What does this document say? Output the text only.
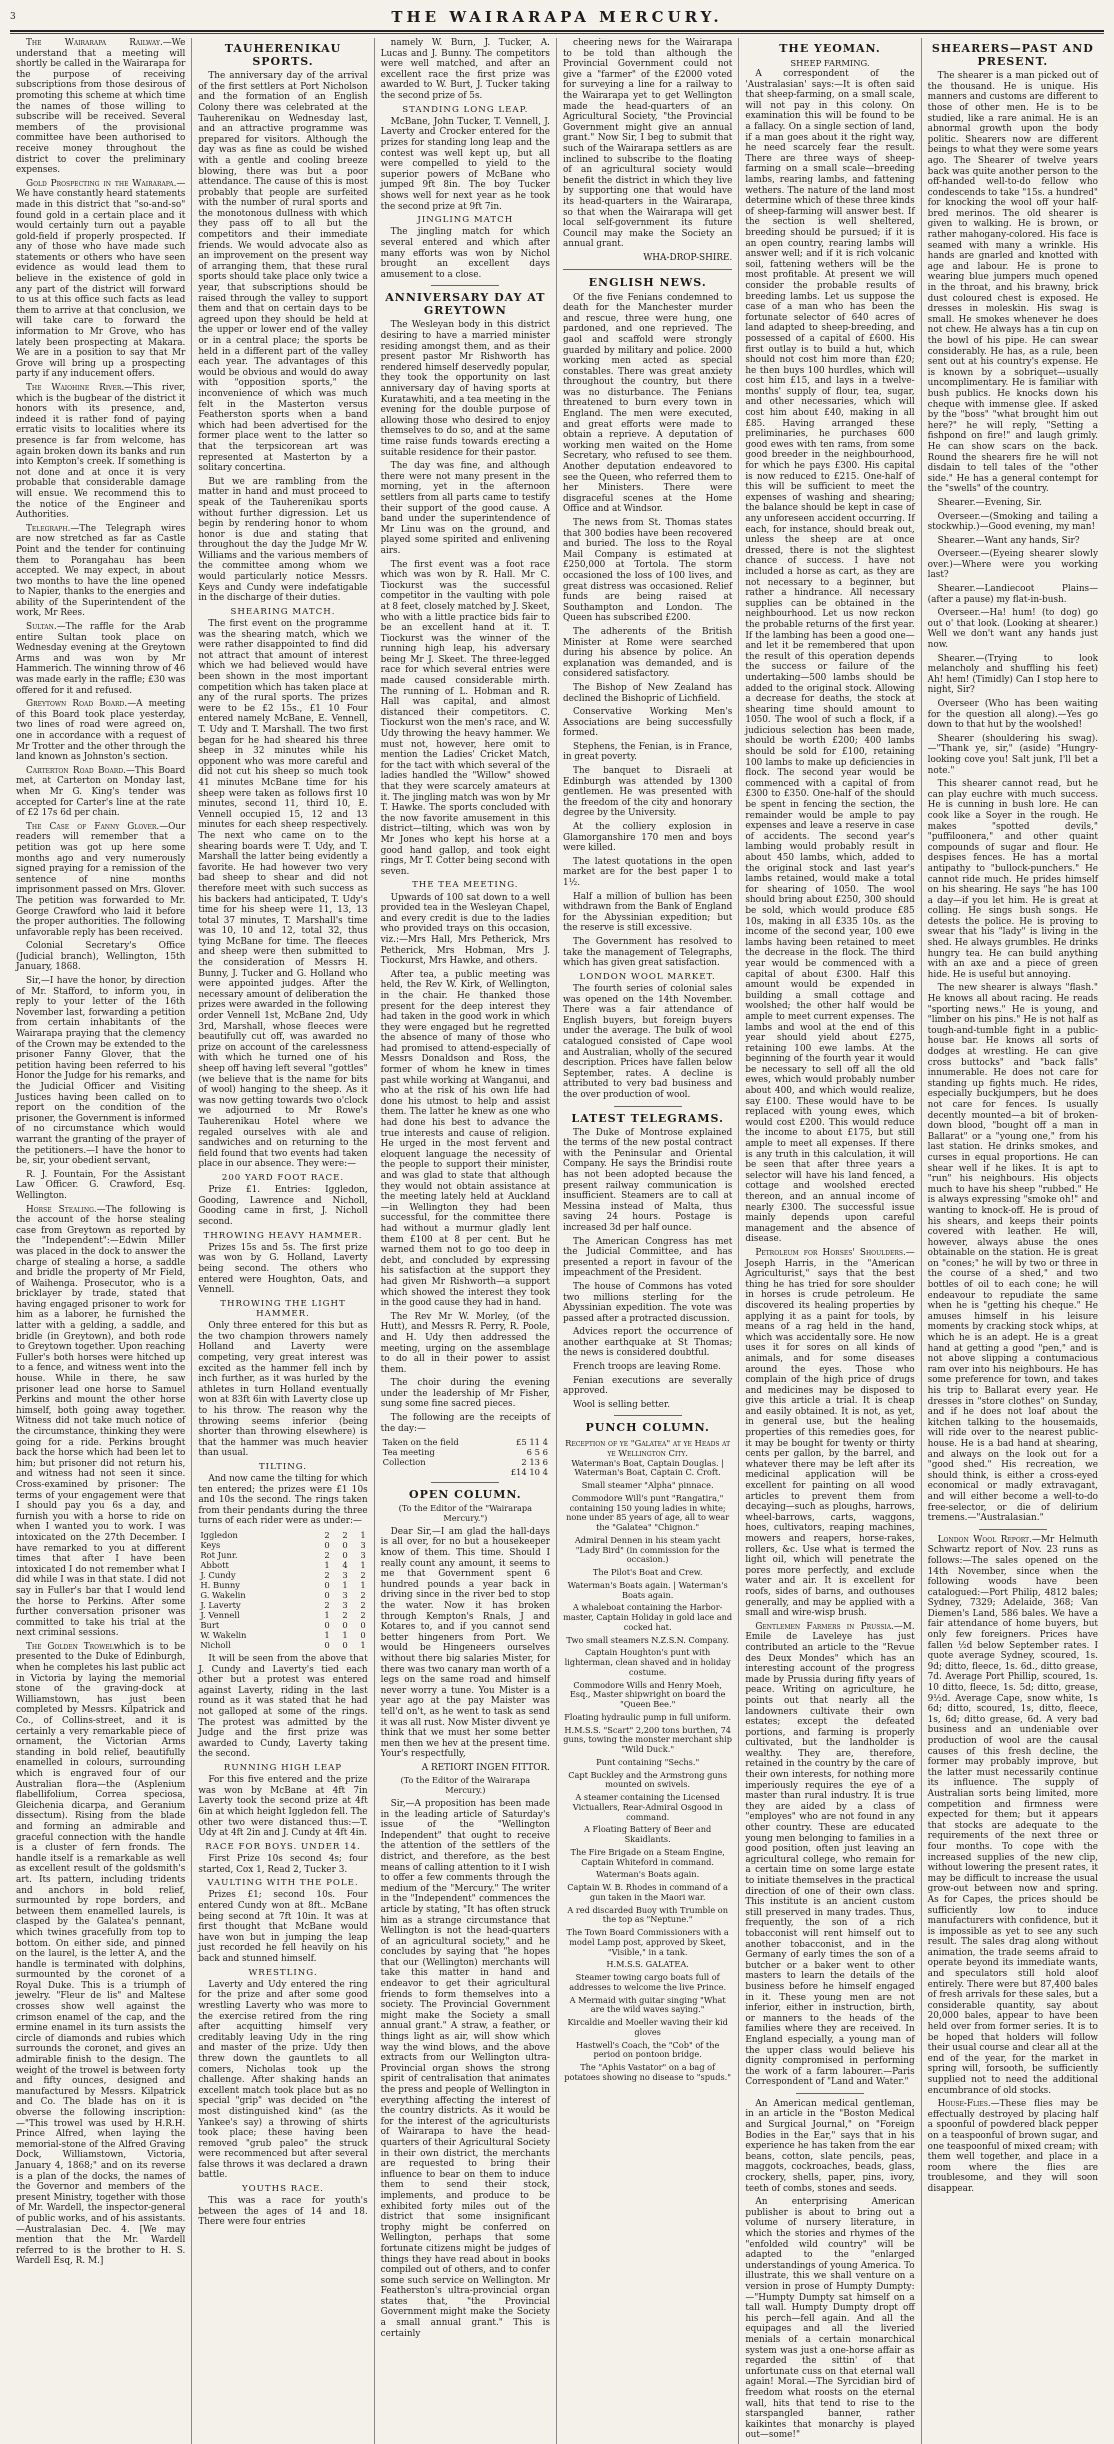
3	THE WAIRARAPA MERCURY.

The Wairarapa Railway.—We understand that a meeting will shortly be called in the Wairarapa for the purpose of receiving subscriptions from those desirous of promoting this scheme at which time the names of those willing to subscribe will be received. Several members of the provisional committee have been authorised to receive money throughout the district to cover the preliminary expenses.

Gold Prospecting in the Wairarapa.—We have constantly heard statements made in this district that "so-and-so" found gold in a certain place and it would certainly turn out a payable gold-field if properly prospected. If any of those who have made such statements or others who have seen evidence as would lead them to believe in the existence of gold in any part of the district will forward to us at this office such facts as lead them to arrive at that conclusion, we will take care to forward the information to Mr Grove, who has lately been prospecting at Makara. We are in a position to say that Mr Grove will bring up a prospecting party if any inducement offers.

The Waiohine River.—This river, which is the bugbear of the district it honors with its presence, and, indeed it is rather fond of paying erratic visits to localities where its presence is far from welcome, has again broken down its banks and run into Kempton's creek. If something is not done and at once it is very probable that considerable damage will ensue. We recommend this to the notice of the Engineer and Authorities.

Telegraph.—The Telegraph wires are now stretched as far as Castle Point and the tender for continuing them to Porangahau has been accepted. We may expect, in about two months to have the line opened to Napier, thanks to the energies and ability of the Superintendent of the work, Mr Rees.

Sultan.—The raffle for the Arab entire Sultan took place on Wednesday evening at the Greytown Arms and was won by Mr Hammerich. The winning throw of 46 was made early in the raffle; £30 was offered for it and refused.

Greytown Road Board.—A meeting of this Board took place yesterday, two lines of road were agreed on, one in accordance with a request of Mr Trotter and the other through the land known as Johnston's section.

Carterton Road Board.—This Board met, at Carterton on Monday last, when Mr G. King's tender was accepted for Carter's line at the rate of £2 17s 6d per chain.

The Case of Fanny Glover.—Our readers will remember that a petition was got up here some months ago and very numerously signed praying for a remission of the sentence of nine months imprisonment passed on Mrs. Glover. The petition was forwarded to Mr. George Crawford who laid it before the proper authorities. The following unfavorable reply has been received.

Colonial Secretary's Office (Judicial branch), Wellington, 15th January, 1868.

Sir,—I have the honor, by direction of Mr. Stafford, to inform you, in reply to your letter of the 16th November last, forwarding a petition from certain inhabitants of the Wairarapa praying that the clemency of the Crown may be extended to the prisoner Fanny Glover, that the petition having been referred to his Honor the Judge for his remarks, and the Judicial Officer and Visiting Justices having been called on to report on the condition of the prisoner, the Government is informed of no circumstance which would warrant the granting of the prayer of the petitioners.—I have the honor to be, sir, your obedient servant,

R. J. Fountain, For the Assistant Law Officer. G. Crawford, Esq. Wellington.

Horse Stealing.—The following is the account of the horse stealing case from Greytown as reported by the "Independent":—Edwin Miller was placed in the dock to answer the charge of stealing a horse, a saddle and bridle the property of Mr Field, of Waihenga. Prosecutor, who is a bricklayer by trade, stated that having engaged prisoner to work for him as a laborer, he furnished the latter with a gelding, a saddle, and bridle (in Greytown), and both rode to Greytown together. Upon reaching Fuller's both horses were hitched up to a fence, and witness went into the house. While in there, he saw prisoner lead one horse to Samuel Perkins and mount the other horse himself, both going away together. Witness did not take much notice of the circumstance, thinking they were going for a ride. Perkins brought back the horse which had been let to him; but prisoner did not return his, and witness had not seen it since. Cross-examined by prisoner: The terms of your engagement were that I should pay you 6s a day, and furnish you with a horse to ride on when I wanted you to work. I was intoxicated on the 27th December. I have remarked to you at different times that after I have been intoxicated I do not remember what I did while I was in that state. I did not say in Fuller's bar that I would lend the horse to Perkins. After some further conversation prisoner was committed to take his trial at the next criminal sessions.

The Golden Trowelwhich is to be presented to the Duke of Edinburgh, when he completes his last public act in Victoria by laying the memorial stone of the graving-dock at Williamstown, has just been completed by Messrs. Kilpatrick and Co., of Collins-street, and it is certainly a very remarkable piece of ornament, the Victorian Arms standing in bold relief, beautifully enamelled in colours, surrounding which is engraved four of our Australian flora—the (Asplenium flabellifolium, Correa speciosa, Gleichenia dicarpa, and Geranium dissectum). Rising from the blade and forming an admirable and graceful connection with the handle is a cluster of fern fronds. The handle itself is a remarkable as well as excellent result of the goldsmith's art. Its pattern, including tridents and anchors in bold relief, surmounted by rope borders, and between them enamelled laurels, is clasped by the Galatea's pennant, which twines gracefully from top to bottom. On either side, and pinned on the laurel, is the letter A, and the handle is terminated with dolphins, surmounted by the coronet of a Royal Duke. This is a triumph of jewelry. "Fleur de lis" and Maltese crosses show well against the crimson enamel of the cap, and the ermine enamel in its turn assists the circle of diamonds and rubies which surrounds the coronet, and gives an admirable finish to the design. The weight of the trowel is between forty and fifty ounces, designed and manufactured by Messrs. Kilpatrick and Co. The blade has on it is obverse the following inscription:—"This trowel was used by H.R.H. Prince Alfred, when laying the memorial-stone of the Alfred Graving Dock, Williamstown, Victoria, January 4, 1868;" and on its reverse is a plan of the docks, the names of the Governor and members of the present Ministry, together with those of Mr. Wardell, the inspector-general of public works, and of his assistants.—Australasian Dec. 4. [We may mention that the Mr. Wardell referred to is the brother to H. S. Wardell Esq, R. M.]

TAUHERENIKAU SPORTS.

The anniversary day of the arrival of the first settlers at Port Nicholson and the formation of an English Colony there was celebrated at the Tauherenikau on Wednesday last, and an attractive programme was prepared for visitors. Although the day was as fine as could be wished with a gentle and cooling breeze blowing, there was but a poor attendance. The cause of this is most probably that people are surfeited with the number of rural sports and the monotonous dullness with which they pass off to all but the competitors and their immediate friends. We would advocate also as an improvement on the present way of arranging them, that these rural sports should take place only twice a year, that subscriptions should be raised through the valley to support them and that on certain days to be agreed upon they should be held at the upper or lower end of the valley or in a central place; the sports be held in a different part of the valley each year. The advantages of this would be obvious and would do away with "opposition sports," the inconvenience of which was much felt in the Masterton versus Featherston sports when a band which had been advertised for the former place went to the latter so that the terpsicorean art was represented at Masterton by a solitary concertina.

But we are rambling from the matter in hand and must proceed to speak of the Tauherenikau sports without further digression. Let us begin by rendering honor to whom honor is due and stating that throughout the day the Judge Mr W. Williams and the various members of the committee among whom we would particularly notice Messrs. Keys and Cundy were indefatigable in the discharge of their duties.

SHEARING MATCH.

The first event on the programme was the shearing match, which we were rather disappointed to find did not attract that amount of interest which we had believed would have been shown in the most important competition which has taken place at any of the rural sports. The prizes were to be £2 15s., £1 10 Four entered namely McBane, E. Vennell, T. Udy and T. Marshall. The two first began for he had sheared his three sheep in 32 minutes while his opponent who was more careful and did not cut his sheep so much took 41 minutes McBane time for his sheep were taken as follows first 10 minutes, second 11, third 10, E. Vennell occupied 15, 12 and 13 minutes for each sheep respectively. The next who came on to the shearing boards were T. Udy, and T. Marshall the latter being evidently a favorite. He had however two very bad sheep to shear and did not therefore meet with such success as his backers had anticipated, T. Udy's time for his sheep were 11, 13, 13 total 37 minutes, T. Marshall's time was 10, 10 and 12, total 32, thus tying McBane for time. The fleeces and sheep were then submitted to the consideration of Messrs H. Bunny, J. Tucker and G. Holland who were appointed judges. After the necessary amount of deliberation the prizes were awarded in the following order Vennell 1st, McBane 2nd, Udy 3rd, Marshall, whose fleeces were beautifully cut off, was awarded no prize on account of the carelessness with which he turned one of his sheep off having left several "gottles" (we believe that is the name for bits of wool) hanging to the sheep. As it was now getting towards two o'clock we adjourned to Mr Rowe's Tauherenikau Hotel where we regaled ourselves with ale and sandwiches and on returning to the field found that two events had taken place in our absence. They were:—

200 YARD FOOT RACE.

Prize £1. Entries: Iggledon, Gooding, Lawrence and Nicholl, Gooding came in first, J. Nicholl second.

THROWING HEAVY HAMMER.

Prizes 15s and 5s. The first prize was won by G. Holland, Laverty being second. The others who entered were Houghton, Oats, and Vennell.

THROWING THE LIGHT HAMMER.

Only three entered for this but as the two champion throwers namely Holland and Laverty were competing, very great interest was excited as the hammer fell inch by inch further, as it was hurled by the athletes in turn Holland eventually won at 83ft 6in with Laverty close up to his throw. The reason why the throwing seems inferior (being shorter than throwing elsewhere) is that the hammer was much heavier than usual.

TILTING.

And now came the tilting for which ten entered; the prizes were £1 10s and 10s the second. The rings taken from their pendants during the three turns of each rider were as under:—

Iggledon	2	2	1
Keys	0	0	3
Rot Junr.	2	0	3
Abbott	1	4	1
J. Cundy	2	3	2
H. Bunny	0	1	1
G. Wakelin	0	3	2
J. Laverty	2	3	2
J. Vennell	1	2	2
Burt	0	0	0
W. Wakelin	1	1	0
Nicholl	0	0	1

It will be seen from the above that J. Cundy and Laverty's tied each other but a protest was entered against Laverty, riding in the last round as it was stated that he had not galloped at some of the rings. The protest was admitted by the Judge and the first prize was awarded to Cundy, Laverty taking the second.

RUNNING HIGH LEAP

For this five entered and the prize was won by McBane at 4ft 7in Laverty took the second prize at 4ft 6in at which height Iggledon fell. The other two were distanced thus:—T. Udy at 4ft 2in and J. Cundy at 4ft 4in.

RACE FOR BOYS. UNDER 14.

First Prize 10s second 4s; four started, Cox 1, Read 2, Tucker 3.

VAULTING WITH THE POLE.

Prizes £1; second 10s. Four entered Cundy won at 8ft.. McBane being second at 7ft 10in. It was at first thought that McBane would have won but in jumping the leap just recorded he fell heavily on his back and stunned himself.

WRESTLING.

Laverty and Udy entered the ring for the prize and after some good wrestling Laverty who was more to the exercise retired from the ring after acquitting himself very creditably leaving Udy in the ring and master of the prize. Udy then threw down the gauntlets to all comers, Nicholas took up the challenge. After shaking hands an excellent match took place but as no special "grip" was decided on "the most distinguished kind" (as the Yankee's say) a throwing of shirts took place; these having been removed "grub paleo" the struck were recommenced but after several false throws it was declared a drawn battle.

YOUTHS RACE.

This was a race for youth's between the ages of 14 and 18. There were four entries

namely W. Burn, J. Tucker, A. Lucas and J. Bunny. The competitors were well matched, and after an excellent race the first prize was awarded to W. Burt, J. Tucker taking the second prize of 5s.

STANDING LONG LEAP.

McBane, John Tucker, T. Vennell, J. Laverty and Crocker entered for the prizes for standing long leap and the contest was well kept up, but all were compelled to yield to the superior powers of McBane who jumped 9ft 8in. The boy Tucker shows well for next year as he took the second prize at 9ft 7in.

JINGLING MATCH

The jingling match for which several entered and which after many efforts was won by Nichol brought an excellent days amusement to a close.

ANNIVERSARY DAY AT GREYTOWN

The Wesleyan body in this district desiring to have a married minister residing amongst them, and as their present pastor Mr Rishworth has rendered himself deservedly popular, they took the opportunity on last anniversary day of having sports at Kuratawhiti, and a tea meeting in the evening for the double purpose of allowing those who desired to enjoy themselves to do so, and at the same time raise funds towards erecting a suitable residence for their pastor.

The day was fine, and although there were not many present in the morning, yet in the afternoon settlers from all parts came to testify their support of the good cause. A band under the superintendence of Mr Linu was on the ground, and played some spirited and enlivening airs.

The first event was a foot race which was won by R. Hall. Mr C. Tiockurst was the successful competitor in the vaulting with pole at 8 feet, closely matched by J. Skeet, who with a little practice bids fair to be an excellent hand at it. T. Tiockurst was the winner of the running high leap, his adversary being Mr J. Skeet. The three-legged race for which several entries were made caused considerable mirth. The running of L. Hobman and R. Hall was capital, and almost distanced their competitors. C. Tiockurst won the men's race, and W. Udy throwing the heavy hammer. We must not, however, here omit to mention the Ladies' Cricket Match, for the tact with which several of the ladies handled the "Willow" showed that they were scarcely amateurs at it. The jingling match was won by Mr T. Hawke. The sports concluded with the now favorite amusement in this district—tilting, which was won by Mr Jones who kept his horse at a good hand gallop, and took eight rings, Mr T. Cotter being second with seven.

THE TEA MEETING.

Upwards of 100 sat down to a well provided tea in the Wesleyan Chapel, and every credit is due to the ladies who provided trays on this occasion, viz.:—Mrs Hall, Mrs Petherick, Mrs Petherick, Mrs Hobman, Mrs J. Tiockurst, Mrs Hawke, and others.

After tea, a public meeting was held, the Rev W. Kirk, of Wellington, in the chair. He thanked those present for the deep interest they had taken in the good work in which they were engaged but he regretted the absence of many of those who had promised to attend-especially of Messrs Donaldson and Ross, the former of whom he knew in times past while working at Wanganui, and who at the risk of his own life had done his utmost to help and assist them. The latter he knew as one who had done his best to advance the true interests and cause of religion. He urged in the most fervent and eloquent language the necessity of the people to support their minister, and was glad to state that although they would not obtain assistance at the meeting lately held at Auckland—in Wellington they had been successful, for the committee there had without a murmur gladly lent them £100 at 8 per cent. But he warned them not to go too deep in debt, and concluded by expressing his satisfaction at the support they had given Mr Rishworth—a support which showed the interest they took in the good cause they had in hand.

The Rev Mr W. Morley, (of the Hutt), and Messrs R. Perry, R. Poole, and H. Udy then addressed the meeting, urging on the assemblage to do all in their power to assist them.

The choir during the evening under the leadership of Mr Fisher, sung some fine sacred pieces.

The following are the receipts of the day:—

Taken on the field	£5 11 4
Tea meeting	6 5 6
Collection	2 13 6
	£14 10 4
OPEN COLUMN.

(To the Editor of the "Wairarapa Mercury.")

Dear Sir,—I am glad the hall-days is all over, for no but a housekeeper know of them. This time. Should I really count any amount, it seems to me that Government spent 6 hundred pounds a year back in driving since in the river bed to stop the water. Now it has broken through Kempton's Rnals, J and Kotares to, and if you cannot send better hingeners from Port. We would be Hingeneers ourselves without there big salaries Mister, for there was two canary man worth of a legs on the same road and himself never worry a tune. You Mister is a year ago at the pay Maister was tell'd on't, as he went to task as send it was all rust. Now Mister divvent ye think that we must her some better men then we hev at the present time. Your's respectfully,

A RETIORT INGEN FITTOR.

(To the Editor of the Wairarapa Mercury.)

Sir,—A proposition has been made in the leading article of Saturday's issue of the "Wellington Independent" that ought to receive the attention of the settlers of the district, and therefore, as the best means of calling attention to it I wish to offer a few comments through the medium of the "Mercury." The writer in the "Independent" commences the article by stating, "It has often struck him as a strange circumstance that Wellington is not the head-quarters of an agricultural society," and he concludes by saying that "he hopes that our (Wellington) merchants will take this matter in hand and endeavor to get their agricultural friends to form themselves into a society. The Provincial Government might make the Society a small annual grant." A straw, a feather, or things light as air, will show which way the wind blows, and the above extracts from our Wellington ultra-Provincial organ shows the strong spirit of centralisation that animates the press and people of Wellington in everything affecting the interest of the country districts. As it would be for the interest of the agriculturists of Wairarapa to have the head-quarters of their Agricultural Society in their own district, the merchants are requested to bring their influence to bear on them to induce them to send their stock, implements, and produce to be exhibited forty miles out of the district that some insignificant trophy might be conferred on Wellington, perhaps that some fortunate citizens might be judges of things they have read about in books compiled out of others, and to confer some such service on Wellington. Mr Featherston's ultra-provincial organ states that, "the Provincial Government might make the Society a small annual grant." This is certainly

cheering news for the Wairarapa to be told than although the Provincial Government could not give a "farmer" of the £2000 voted for surveying a line for a railway to the Wairarapa yet to get Wellington made the head-quarters of an Agricultural Society, "the Provincial Government might give an annual grant." Now Sir, I beg to submit that such of the Wairarapa settlers as are inclined to subscribe to the floating of an agricultural society would benefit the district in which they live by supporting one that would have its head-quarters in the Wairarapa, so that when the Wairarapa will get local self-government its future Council may make the Society an annual grant.

WHA-DROP-SHIRE.
ENGLISH NEWS.

Of the five Fenians condemned to death for the Manchester murder and rescue, three were hung, one pardoned, and one reprieved. The gaol and scaffold were strongly guarded by military and police. 2000 working men acted as special constables. There was great anxiety throughout the country, but there was no disturbance. The Fenians threatened to burn every town in England. The men were executed, and great efforts were made to obtain a reprieve. A deputation of working men waited on the Home Secretary, who refused to see them. Another deputation endeavored to see the Queen, who referred them to her Ministers. There were disgraceful scenes at the Home Office and at Windsor.

The news from St. Thomas states that 300 bodies have been recovered and buried. The loss to the Royal Mail Company is estimated at £250,000 at Tortola. The storm occasioned the loss of 100 lives, and great distress was occasioned. Relief funds are being raised at Southampton and London. The Queen has subscribed £200.

The adherents of the British Minister at Rome were searched during his absence by police. An explanation was demanded, and is considered satisfactory.

The Bishop of New Zealand has declined the Bishopric of Lichfield.

Conservative Working Men's Associations are being successfully formed.

Stephens, the Fenian, is in France, in great poverty.

The banquet to Disraeli at Edinburgh was attended by 1300 gentlemen. He was presented with the freedom of the city and honorary degree by the University.

At the colliery explosion in Glamorganshire 170 men and boys were killed.

The latest quotations in the open market are for the best paper 1 to 1½.

Half a million of bullion has been withdrawn from the Bank of England for the Abyssinian expedition; but the reserve is still excessive.

The Government has resolved to take the management of Telegraphs, which has given great satisfaction.

LONDON WOOL MARKET.

The fourth series of colonial sales was opened on the 14th November. There was a fair attendance of English buyers, but foreign buyers under the average. The bulk of wool catalogued consisted of Cape wool and Australian, wholly of the secured description. Prices have fallen below September, rates. A decline is attributed to very bad business and the over production of wool.

LATEST TELEGRAMS.

The Duke of Montrose explained the terms of the new postal contract with the Peninsular and Oriental Company. He says the Brindisi route has not been adopted because the present railway communication is insufficient. Steamers are to call at Messina instead of Malta, thus saving 24 hours. Postage is increased 3d per half ounce.

The American Congress has met the Judicial Committee, and has presented a report in favour of the impeachment of the President.

The house of Commons has voted two millions sterling for the Abyssinian expedition. The vote was passed after a protracted discussion.

Advices report the occurrence of another earthquake at St Thomas; the news is considered doubtful.

French troops are leaving Rome.

Fenian executions are severally approved.

Wool is selling better.

PUNCH COLUMN.
Reception of ye "Galatea" at ye Heads at ye Wellington City.

Waterman's Boat, Captain Douglas. | Waterman's Boat, Captain C. Croft.

Small steamer "Alpha" pinnace.

Commodore Will's punt "Rangatira," containing 150 young ladies in white; none under 85 years of age, all to wear the "Galatea" "Chignon."

Admiral Dennen in his steam yacht "Lady Bird" (in commission for the occasion.)

The Pilot's Boat and Crew.

Waterman's Boats again. | Waterman's Boats again.

A whaleboat containing the Harbor-master, Captain Holiday in gold lace and cocked hat.

Two small steamers N.Z.S.N. Company.

Captain Houghton's punt with lighterman, clean shaved and in holiday costume.

Commodore Wills and Henry Moeh, Esq., Master shipwright on board the "Queen Bee."

Floating hydraulic pump in full uniform.

H.M.S.S. "Scart" 2,200 tons burthen, 74 guns, towing the monster merchant ship "Wild Duck."

Punt containing "Sechs."

Capt Buckley and the Armstrong guns mounted on swivels.

A steamer containing the Licensed Victuallers, Rear-Admiral Osgood in command.

A Floating Battery of Beer and Skaidlants.

The Fire Brigade on a Steam Engine, Captain Whiteford in command.

Waterman's Boats again.

Captain W. B. Rhodes in command of a gun taken in the Maori war.

A red discarded Buoy with Trumble on the top as "Neptune."

The Town Board Commissioners with a model Lamp post, approved by Skeet, "Visible," in a tank.

H.M.S.S. GALATEA.

Steamer towing cargo boats full of addresses to welcome the live Prince.

A Mermaid with guitar singing "What are the wild waves saying."

Kircaldie and Moeller waving their kid gloves

Hastwell's Coach, the "Cob" of the period on pontoon bridge.

The "Aphis Vastator" on a bag of potatoes showing no disease to "spuds."

THE YEOMAN.
SHEEP FARMING.

A correspondent of the 'Australasian' says:—It is often said that sheep-farming, on a small scale, will not pay in this colony. On examination this will be found to be a fallacy. On a single section of land, if a man goes about it the right way, he need scarcely fear the result. There are three ways of sheep-farming on a small scale—breeding lambs, rearing lambs, and fattening wethers. The nature of the land most determine which of these three kinds of sheep-farming will answer best. If the section is well sheltered, breeding should be pursued; if it is an open country, rearing lambs will answer well; and if it is rich volcanic soil, fattening wethers will be the most profitable. At present we will consider the probable results of breeding lambs. Let us suppose the case of a man who has been the fortunate selector of 640 acres of land adapted to sheep-breeding, and possessed of a capital of £600. His first outlay is to build a hut, which should not cost him more than £20; he then buys 100 hurdles, which will cost him £15, and lays in a twelve-months' supply of flour, tea, sugar, and other necessaries, which will cost him about £40, making in all £85. Having arranged these preliminaries, he purchases 600 good ewes with ten rams, from some good breeder in the neighbourhood, for which he pays £300. His capital is now reduced to £215. One-half of this will be sufficient to meet the expenses of washing and shearing; the balance should be kept in case of any unforeseen accident occurring. If each, for instance, should break out, unless the sheep are at once dressed, there is not the slightest chance of success. I have not included a horse as cart, as they are not necessary to a beginner, but rather a hindrance. All necessary supplies can be obtained in the neighbourhood. Let us now reckon the probable returns of the first year. If the lambing has been a good one—and let it be remembered that upon the result of this operation depends the success or failure of the undertaking—500 lambs should be added to the original stock. Allowing a decrease for deaths, the stock at shearing time should amount to 1050. The wool of such a flock, if a judicious selection has been made, should be worth £200; 400 lambs should be sold for £100, retaining 100 lambs to make up deficiencies in flock. The second year would be commenced with a capital of from £300 to £350. One-half of the should be spent in fencing the section, the remainder would be ample to pay expenses and leave a reserve in case of accidents. The second year's lambing would probably result in about 450 lambs, which, added to the original stock and last year's lambs retained, would make a total for shearing of 1050. The wool should bring about £250, 300 should be sold, which would produce £85 10s, making in all £335 10s. as the income of the second year, 100 ewe lambs having been retained to meet the decrease in the flock. The third year would be commenced with a capital of about £300. Half this amount would be expended in building a small cottage and woolshed; the other half would be ample to meet current expenses. The lambs and wool at the end of this year should yield about £275, retaining 100 ewe lambs. At the beginning of the fourth year it would be necessary to sell off all the old ewes, which would probably number about 400, and which would realize, say £100. These would have to be replaced with young ewes, which would cost £200. This would reduce the income to about £175, but still ample to meet all expenses. If there is any truth in this calculation, it will be seen that after three years a selector will have his land fenced, a cottage and woolshed erected thereon, and an annual income of nearly £300. The successful issue mainly depends upon careful management and the absence of disease.

Petroleum for Horses' Shoulders.—Joseph Harris, in the "American Agriculturist," says that the best thing he has tried for sore shoulder in horses is crude petroleum. He discovered its healing properties by applying it as a paint for tools, by means of a rag held in the hand, which was accidentally sore. He now uses it for sores on all kinds of animals, and for some diseases around the eyes. Those who complain of the high price of drugs and medicines may be disposed to give this article a trial. It is cheap and easily obtained. It is not, as yet, in general use, but the healing properties of this remedies goes, for it may be bought for twenty or thirty cents per gallon, by the barrel, and whatever there may be left after its medicinal application will be excellent for painting on all wood articles to prevent them from decaying—such as ploughs, harrows, wheel-barrows, carts, waggons, hoes, cultivators, reaping machines, mowers and reapers, horse-rakes, rollers, &c. Use what is termed the light oil, which will penetrate the pores more perfectly, and exclude water and air. It is excellent for roofs, sides of barns, and outhouses generally, and may be applied with a small and wire-wisp brush.

Gentlemen Farmers in Prussia.—M. Emile de Laveleye has just contributed an article to the "Revue des Deux Mondes" which has an interesting account of the progress made by Prussia during fifty years of peace. Writing on agriculture, he points out that nearly all the landowners cultivate their own estates; except the defeated portions, and farming is properly cultivated, but the landholder is wealthy. They are, therefore, retained in the country by the care of their own interests, for nothing more imperiously requires the eye of a master than rural industry. It is true they are aided by a class of "employes" who are not found in any other country. These are educated young men belonging to families in a good position, often just leaving an agricultural college, who remain for a certain time on some large estate to initiate themselves in the practical direction of one of their own class. This institute is an ancient custom still preserved in many trades. Thus, frequently, the son of a rich tobacconist will rent himself out to another tobacconist, and in the Germany of early times the son of a butcher or a baker went to other masters to learn the details of the business before he himself engaged in it. These young men are not inferior, either in instruction, birth, or manners to the heads of the families where they are received. In England especially, a young man of the upper class would believe his dignity compromised in performing the work of a farm labourer.—Paris Correspondent of "Land and Water."

An American medical gentleman, in an article in the "Boston Medical and Surgical Journal," on "Foreign Bodies in the Ear," says that in his experience he has taken from the ear beans, cotton, slate pencils, peas, maggots, cockroaches, beads, glass, crockery, shells, paper, pins, ivory, teeth of combs, stones and seeds.

An enterprising American publisher is about to bring out a volume of nursery literature, in which the stories and rhymes of the "enfolded wild country" will be adapted to the "enlarged understandings of young America. To illustrate, this we shall venture on a version in prose of Humpty Dumpty:—"Humpty Dumpty sat himself on a tall wall. Humpty Dumpty dropt off his perch—fell again. And all the equipages and all the liveried menials of a certain monarchical system was just a one-horse affair as regarded the sittin' of that unfortunate cuss on that eternal wall again! Moral.—The Syrcidian bird of freedom what roosts on the eternal wall, hits that tend to rise to the starspangled banner, rather kaikintes that monarchy is played out—some!"

SHEARERS—PAST AND PRESENT.

The shearer is a man picked out of the thousand. He is unique. His manners and customs are different to those of other men. He is to be studied, like a rare animal. He is an abnormal growth upon the body politic. Shearers now are different beings to what they were some years ago. The Shearer of twelve years back was quite another person to the off-handed well-to-do fellow who condescends to take "15s. a hundred" for knocking the wool off your half-bred merinos. The old shearer is given to walking. He is brown, or rather mahogany-colored. His face is seamed with many a wrinkle. His hands are gnarled and knotted with age and labour. He is prone to wearing blue jumpers much opened in the throat, and his brawny, brick dust coloured chest is exposed. He dresses in moleskin. His swag is small. He smokes whenever he does not chew. He always has a tin cup on the bowl of his pipe. He can swear considerably. He has, as a rule, been sent out at his country's expense. He is known by a sobriquet—usually uncomplimentary. He is familiar with bush publics. He knocks down his cheque with immense glee. If asked by the "boss" "what brought him out here?" he will reply, "Setting a fishpond on fire!" and laugh grimly. He can show scars on the back. Round the shearers fire he will not disdain to tell tales of the "other side." He has a general contempt for the "swells" of the country.

Shearer.—Evening, Sir.

Overseer.—(Smoking and tailing a stockwhip.)—Good evening, my man!

Shearer.—Want any hands, Sir?

Overseer.—(Eyeing shearer slowly over.)—Where were you working last?

Shearer.—Landiecoot Plains—(after a pause) my flat-in-bush.

Overseer.—Ha! hum! (to dog) go out o' that look. (Looking at shearer.) Well we don't want any hands just now.

Shearer.—(Trying to look melancholy and shuffling his feet) Ah! hem! (Timidly) Can I stop here to night, Sir?

Overseer (Who has been waiting for the question all along).—Yes go down to that hut by the woolshed!

Shearer (shouldering his swag).—"Thank ye, sir," (aside) "Hungry-looking cove you! Salt junk, I'll bet a note."

This shearer cannot read, but he can play euchre with much success. He is cunning in bush lore. He can cook like a Soyer in the rough. He makes "spotted devils," "puffiloonera," and other quaint compounds of sugar and flour. He despises fences. He has a mortal antipathy to "bullock-punchers." He cannot ride much. He prides himself on his shearing. He says "he has 100 a day—if you let him. He is great at colling. He sings bush songs. He detests the police. He is proving to swear that his "lady" is living in the shed. He always grumbles. He drinks hungry tea. He can build anything with an axe and a piece of green hide. He is useful but annoying.

The new shearer is always "flash." He knows all about racing. He reads "sporting news." He is young, and "limber on his pins." He is not half as tough-and-tumble fight in a public-house bar. He knows all sorts of dodges at wrestling. He can give cross buttocks" and "back falls" innumerable. He does not care for standing up fights much. He rides, especially buckjumpers, but he does not care for fences. Is usually decently mounted—a bit of broken-down blood, "bought off a man in Ballarat" or a "young one," from his last station. He drinks smokes, and curses in equal proportions. He can shear well if he likes. It is apt to "run" his neighbours. His objects much to have his sheep "rubbed." He is always expressing "smoke oh!" and wanting to knock-off. He is proud of his shears, and keeps their points covered with leather. He will, however, always abuse the ones obtainable on the station. He is great on "cones;" he will by two or three in the course of a shed," and two bottles of oil to each cone; he will endeavour to repudiate the same when he is "getting his cheque." He amuses himself in his leisure moments by cracking stock whips, at which he is an adept. He is a great hand at getting a good "pen," and is not above slipping a contumacious ram over into his neighbours. He has some preference for town, and takes his trip to Ballarat every year. He dresses in "store clothes" on Sunday, and if he does not loaf about the kitchen talking to the housemaids, will ride over to the nearest public-house. He is a bad hand at shearing, and always on the look out for a "good shed." His recreation, we should think, is either a cross-eyed economical or madly extravagant, and will either become a well-to-do free-selector, or die of delirium tremens.—"Australasian."

London Wool Report.—Mr Helmuth Schwartz report of Nov. 23 runs as follows:—The sales opened on the 14th November, since when the following woods have been catalogued:—Port Philip, 4812 bales; Sydney, 7329; Adelaide, 368; Van Diemen's Land, 586 bales. We have a fair attendance of home buyers, but only few foreigners. Prices have fallen ½d below September rates. I quote average Sydney, scoured, 1s. 9d; ditto, fleece, 1s. 6d., ditto grease, 7d. Average Port Phillip, scoured, 1s. 10 ditto, fleece, 1s. 5d; ditto, grease, 9½d. Average Cape, snow white, 1s 6d; ditto, scoured, 1s, ditto, fleece, 1s, 6d; ditto grease, 6d. A very bad business and an undeniable over production of wool are the causal causes of this fresh decline, the former may probably improve, but the latter must necessarily continue its influence. The supply of Australian sorts being limited, more competition and firmness were expected for them; but it appears that stocks are adequate to the requirements of the next three or four months. To cope with the increased supplies of the new clip, without lowering the present rates, it may be difficult to increase the usual grow-out between now and spring. As for Capes, the prices should be sufficiently low to induce manufacturers with confidence, but it is impossible as yet to see any such result. The sales drag along without animation, the trade seems afraid to operate beyond its immediate wants, and speculators still hold aloof entirely. There were but 87,400 bales of fresh arrivals for these sales, but a considerable quantity, say about 20,000 bales, appear to have been held over from former series. It is to be hoped that holders will follow their usual course and clear all at the end of the year, for the market in spring will, forsooth, be sufficiently supplied not to need the additional encumbrance of old stocks.

House-Flies.—These flies may be effectually destroyed by placing half a spoonful of powdered black pepper on a teaspoonful of brown sugar, and one teaspoonful of mixed cream; with them well together, and place in a room where the flies are troublesome, and they will soon disappear.
